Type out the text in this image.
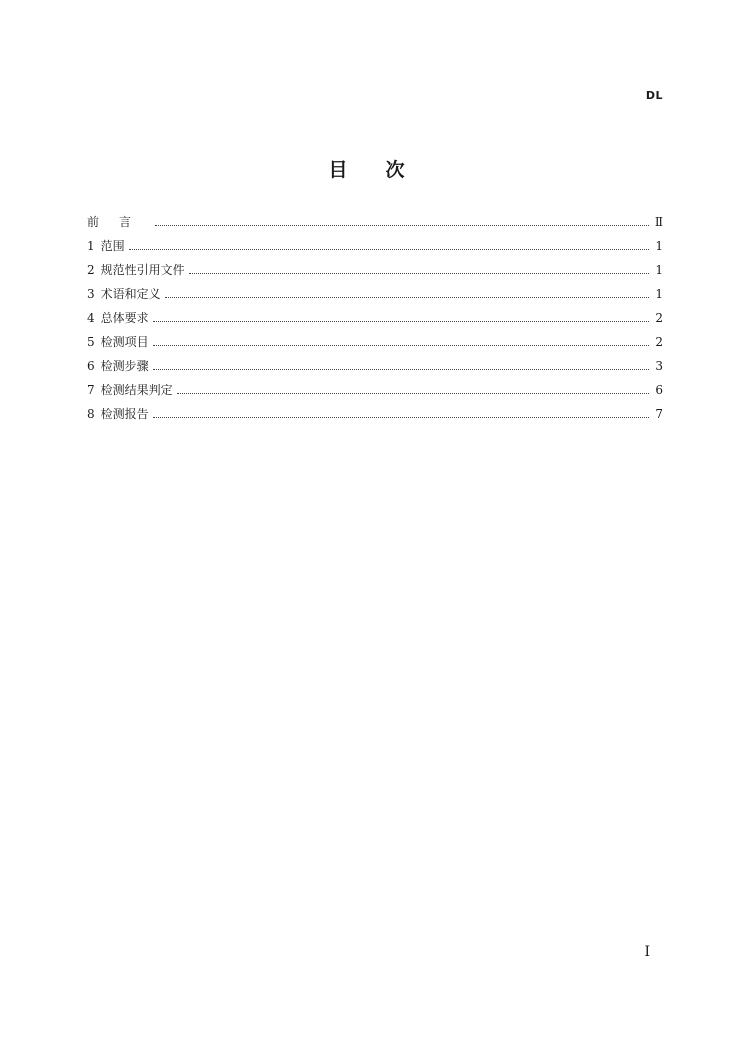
DL
目 次
前言	Ⅱ
1 范围	1
2 规范性引用文件	1
3 术语和定义	1
4 总体要求	2
5 检测项目	2
6 检测步骤	3
7 检测结果判定	6
8 检测报告	7
I
